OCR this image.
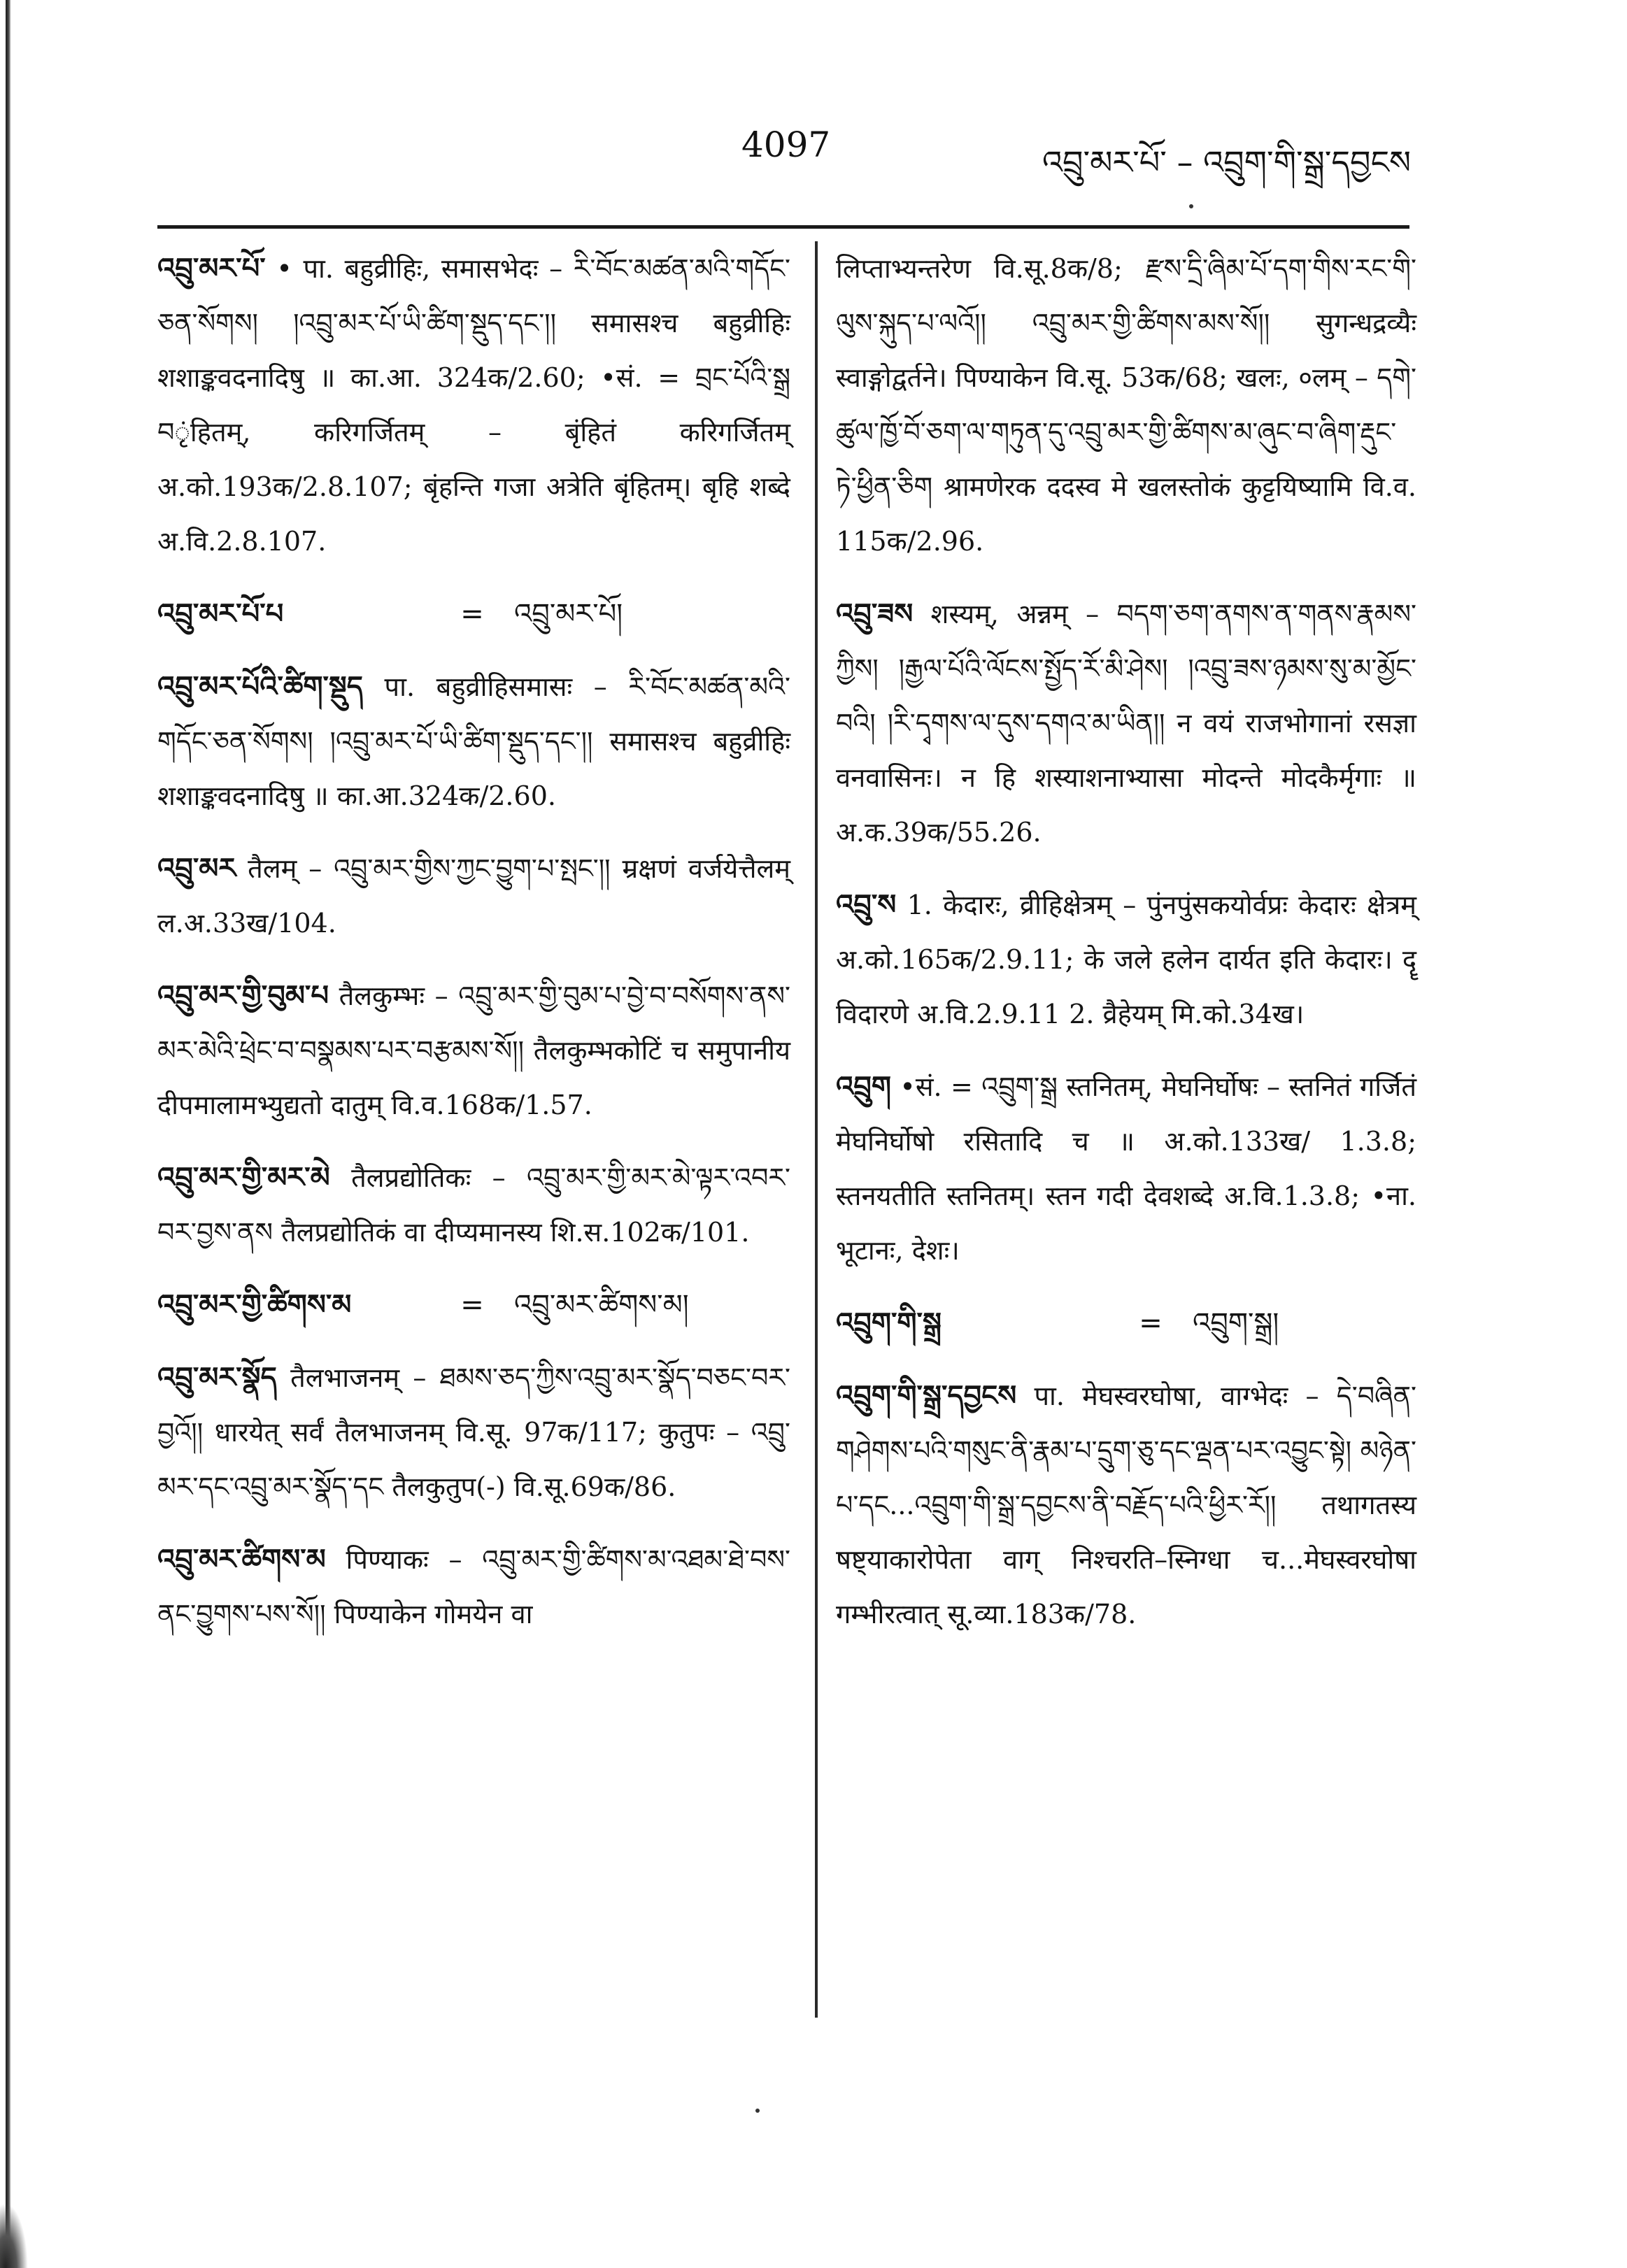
4097	འབྲུ་མར་པོ་ – འབྲུག་གི་སྒྲ་དབྱངས
འབྲུ་མར་པོ་ • पा. बहुव्रीहिः, समासभेदः – རི་བོང་མཚན་མའི་གདོང་ཅན་སོགས། །འབྲུ་མར་པོ་ཡི་ཚིག་སྡུད་དང་།། समासश्च बहुव्रीहिः शशाङ्कवदनादिषु ॥ का.आ. 324क/2.60; •सं. = བྲང་པོའི་སྒྲ བृंहितम्, करिगर्जितम् – बृंहितं करिगर्जितम् अ.को.193क/2.8.107; बृंहन्ति गजा अत्रेति बृंहितम्। बृहि शब्दे अ.वि.2.8.107.
འབྲུ་མར་པོ་པ	=	འབྲུ་མར་པོ།
འབྲུ་མར་པོའི་ཚིག་སྡུད पा. बहुव्रीहिसमासः – རི་བོང་མཚན་མའི་གདོང་ཅན་སོགས། །འབྲུ་མར་པོ་ཡི་ཚིག་སྡུད་དང་།། समासश्च बहुव्रीहिः शशाङ्कवदनादिषु ॥ का.आ.324क/2.60.
འབྲུ་མར तैलम् – འབྲུ་མར་གྱིས་ཀྱང་བྱུག་པ་སྤང་།། म्रक्षणं वर्जयेत्तैलम् ल.अ.33ख/104.
འབྲུ་མར་གྱི་བུམ་པ तैलकुम्भः – འབྲུ་མར་གྱི་བུམ་པ་བྱེ་བ་བསོགས་ནས་མར་མེའི་ཕྲེང་བ་བསྣམས་པར་བརྩམས་སོ།། तैलकुम्भकोटिं च समुपानीय दीपमालामभ्युद्यतो दातुम् वि.व.168क/1.57.
འབྲུ་མར་གྱི་མར་མེ तैलप्रद्योतिकः – འབྲུ་མར་གྱི་མར་མེ་ལྟར་འབར་བར་བྱས་ནས तैलप्रद्योतिकं वा दीप्यमानस्य शि.स.102क/101.
འབྲུ་མར་གྱི་ཚིགས་མ	=	འབྲུ་མར་ཚིགས་མ།
འབྲུ་མར་སྣོད तैलभाजनम् – ཐམས་ཅད་ཀྱིས་འབྲུ་མར་སྣོད་བཅང་བར་བྱའོ།། धारयेत् सर्वं तैलभाजनम् वि.सू. 97क/117; कुतुपः – འབྲུ་མར་དང་འབྲུ་མར་སྣོད་དང तैलकुतुप(-) वि.सू.69क/86.
འབྲུ་མར་ཚིགས་མ पिण्याकः – འབྲུ་མར་གྱི་ཚིགས་མ་འཐམ་ཐེ་བས་ནང་བྱུགས་པས་སོ།། पिण्याकेन गोमयेन वा
लिप्ताभ्यन्तरेण वि.सू.8क/8; རྫས་དྲི་ཞིམ་པོ་དག་གིས་རང་གི་ལུས་སྐུད་པ་ལའོ།། འབྲུ་མར་གྱི་ཚིགས་མས་སོ།། सुगन्धद्रव्यैः स्वाङ्गोद्वर्तने। पिण्याकेन वि.सू. 53क/68; खलः, ०लम् – དགེ་ཚུལ་ཁྱོ་བོ་ཅག་ལ་གཏུན་དུ་འབྲུ་མར་གྱི་ཚིགས་མ་ཞུང་བ་ཞིག་རྡུང་ཏེ་ཕྱིན་ཅིག श्रामणेरक ददस्व मे खलस्तोकं कुट्टयिष्यामि वि.व. 115क/2.96.
འབྲུ་ཟས शस्यम्, अन्नम् – བདག་ཅག་ནགས་ན་གནས་རྣམས་ཀྱིས། །རྒྱལ་པོའི་ལོངས་སྤྱོད་རོ་མི་ཤེས། །འབྲུ་ཟས་ཉམས་སུ་མ་མྱོང་བའི། །རི་དྭགས་ལ་དུས་དགའ་མ་ཡིན།། न वयं राजभोगानां रसज्ञा वनवासिनः। न हि शस्याशनाभ्यासा मोदन्ते मोदकैर्मृगाः ॥ अ.क.39क/55.26.
འབྲུ་ས 1. केदारः, व्रीहिक्षेत्रम् – पुंनपुंसकयोर्वप्रः केदारः क्षेत्रम् अ.को.165क/2.9.11; के जले हलेन दार्यत इति केदारः। दॄ विदारणे अ.वि.2.9.11 2. व्रैहेयम् मि.को.34ख।
འབྲུག •सं. = འབྲུག་སྒྲ स्तनितम्, मेघनिर्घोषः – स्तनितं गर्जितं मेघनिर्घोषो रसितादि च ॥ अ.को.133ख/ 1.3.8; स्तनयतीति स्तनितम्। स्तन गदी देवशब्दे अ.वि.1.3.8; •ना. भूटानः, देशः।
འབྲུག་གི་སྒྲ	=	འབྲུག་སྒྲ།
འབྲུག་གི་སྒྲ་དབྱངས पा. मेघस्वरघोषा, वाग्भेदः – དེ་བཞིན་གཤེགས་པའི་གསུང་ནི་རྣམ་པ་དྲུག་ཅུ་དང་ལྡན་པར་འབྱུང་སྟེ། མཉེན་པ་དང...འབྲུག་གི་སྒྲ་དབྱངས་ནི་བརྗོད་པའི་ཕྱིར་རོ།། तथागतस्य षष्ट्याकारोपेता वाग् निश्चरति–स्निग्धा च...मेघस्वरघोषा गम्भीरत्वात् सू.व्या.183क/78.
